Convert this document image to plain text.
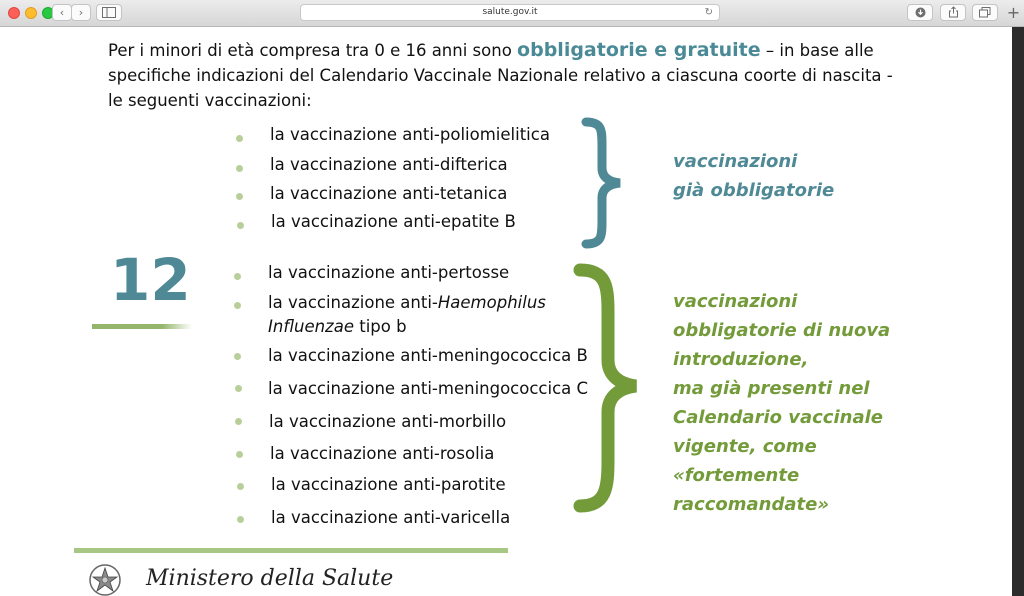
‹	›	salute.gov.it	↻	+
Per i minori di età compresa tra 0 e 16 anni sono obbligatorie e gratuite – in base alle specifiche indicazioni del Calendario Vaccinale Nazionale relativo a ciascuna coorte di nascita - le seguenti vaccinazioni:
la vaccinazione anti-poliomielitica
la vaccinazione anti-difterica
la vaccinazione anti-tetanica
la vaccinazione anti-epatite B
vaccinazioni
già obbligatorie
12	la vaccinazione anti-pertosse
la vaccinazione anti-Haemophilus
Influenzae tipo b
la vaccinazione anti-meningococcica B
la vaccinazione anti-meningococcica C
la vaccinazione anti-morbillo
la vaccinazione anti-rosolia
la vaccinazione anti-parotite
la vaccinazione anti-varicella
vaccinazioni
obbligatorie di nuova
introduzione,
ma già presenti nel
Calendario vaccinale
vigente, come
«fortemente
raccomandate»
Ministero della Salute
